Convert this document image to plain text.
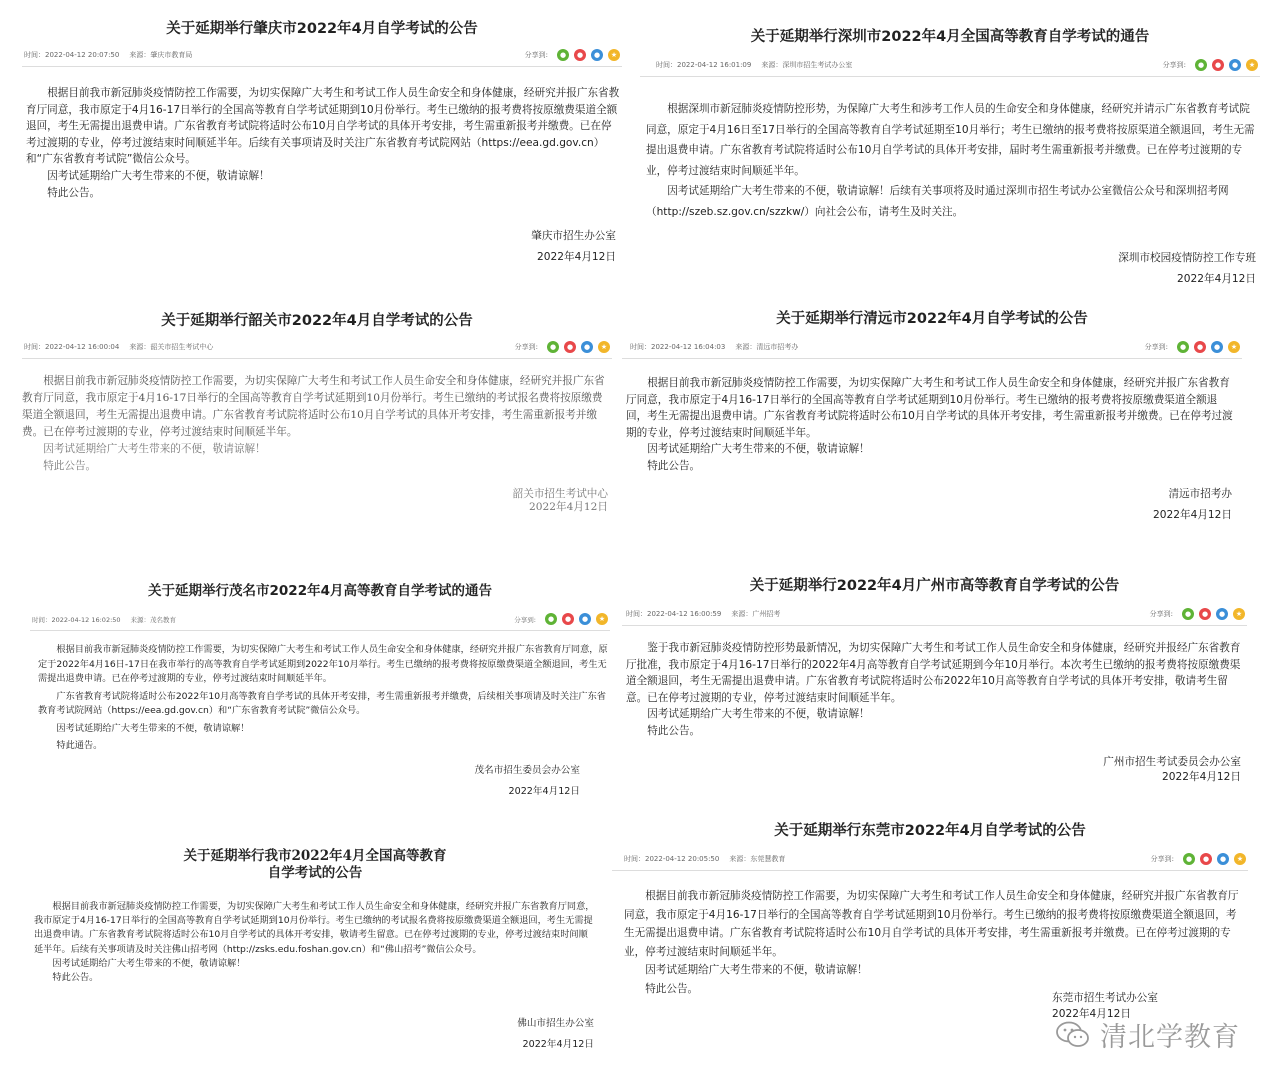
关于延期举行肇庆市2022年4月自学考试的公告
时间：2022-04-12 20:07:50 来源：肇庆市教育局	分享到:	●	●	●	★

根据目前我市新冠肺炎疫情防控工作需要，为切实保障广大考生和考试工作人员生命安全和身体健康，经研究并报广东省教育厅同意，我市原定于4月16-17日举行的全国高等教育自学考试延期到10月份举行。考生已缴纳的报考费将按原缴费渠道全额退回，考生无需提出退费申请。广东省教育考试院将适时公布10月自学考试的具体开考安排，考生需重新报考并缴费。已在停考过渡期的专业，停考过渡结束时间顺延半年。后续有关事项请及时关注广东省教育考试院网站（https://eea.gd.gov.cn）和“广东省教育考试院”微信公众号。

因考试延期给广大考生带来的不便，敬请谅解！

特此公告。

肇庆市招生办公室
2022年4月12日
关于延期举行深圳市2022年4月全国高等教育自学考试的通告
时间：2022-04-12 16:01:09 来源：深圳市招生考试办公室	分享到:	●	●	●	★

根据深圳市新冠肺炎疫情防控形势，为保障广大考生和涉考工作人员的生命安全和身体健康，经研究并请示广东省教育考试院同意，原定于4月16日至17日举行的全国高等教育自学考试延期至10月举行；考生已缴纳的报考费将按原渠道全额退回，考生无需提出退费申请。广东省教育考试院将适时公布10月自学考试的具体开考安排，届时考生需重新报考并缴费。已在停考过渡期的专业，停考过渡结束时间顺延半年。

因考试延期给广大考生带来的不便，敬请谅解！后续有关事项将及时通过深圳市招生考试办公室微信公众号和深圳招考网（http://szeb.sz.gov.cn/szzkw/）向社会公布，请考生及时关注。

深圳市校园疫情防控工作专班
2022年4月12日
关于延期举行韶关市2022年4月自学考试的公告
时间：2022-04-12 16:00:04 来源：韶关市招生考试中心	分享到:	●	●	●	★

根据目前我市新冠肺炎疫情防控工作需要，为切实保障广大考生和考试工作人员生命安全和身体健康，经研究并报广东省教育厅同意，我市原定于4月16-17日举行的全国高等教育自学考试延期到10月份举行。考生已缴纳的考试报名费将按原缴费渠道全额退回，考生无需提出退费申请。广东省教育考试院将适时公布10月自学考试的具体开考安排，考生需重新报考并缴费。已在停考过渡期的专业，停考过渡结束时间顺延半年。

因考试延期给广大考生带来的不便，敬请谅解！

特此公告。

韶关市招生考试中心
2022年4月12日
关于延期举行清远市2022年4月自学考试的公告
时间：2022-04-12 16:04:03 来源：清远市招考办	分享到:	●	●	●	★

根据目前我市新冠肺炎疫情防控工作需要，为切实保障广大考生和考试工作人员生命安全和身体健康，经研究并报广东省教育厅同意，我市原定于4月16-17日举行的全国高等教育自学考试延期到10月份举行。考生已缴纳的报考费将按原缴费渠道全额退回，考生无需提出退费申请。广东省教育考试院将适时公布10月自学考试的具体开考安排，考生需重新报考并缴费。已在停考过渡期的专业，停考过渡结束时间顺延半年。

因考试延期给广大考生带来的不便，敬请谅解！

特此公告。

清远市招考办
2022年4月12日
关于延期举行茂名市2022年4月高等教育自学考试的通告
时间：2022-04-12 16:02:50 来源：茂名教育	分享到:	●	●	●	★

根据目前我市新冠肺炎疫情防控工作需要，为切实保障广大考生和考试工作人员生命安全和身体健康，经研究并报广东省教育厅同意，原定于2022年4月16日-17日在我市举行的高等教育自学考试延期到2022年10月举行。考生已缴纳的报考费将按原缴费渠道全额退回，考生无需提出退费申请。已在停考过渡期的专业，停考过渡结束时间顺延半年。

广东省教育考试院将适时公布2022年10月高等教育自学考试的具体开考安排，考生需重新报考并缴费，后续相关事项请及时关注广东省教育考试院网站（https://eea.gd.gov.cn）和“广东省教育考试院”微信公众号。

因考试延期给广大考生带来的不便，敬请谅解！

特此通告。

茂名市招生委员会办公室
2022年4月12日
关于延期举行2022年4月广州市高等教育自学考试的公告
时间：2022-04-12 16:00:59 来源：广州招考	分享到:	●	●	●	★

鉴于我市新冠肺炎疫情防控形势最新情况，为切实保障广大考生和考试工作人员生命安全和身体健康，经研究并报经广东省教育厅批准，我市原定于4月16-17日举行的2022年4月高等教育自学考试延期到今年10月举行。本次考生已缴纳的报考费将按原缴费渠道全额退回，考生无需提出退费申请。广东省教育考试院将适时公布2022年10月高等教育自学考试的具体开考安排，敬请考生留意。已在停考过渡期的专业，停考过渡结束时间顺延半年。

因考试延期给广大考生带来的不便，敬请谅解！

特此公告。

广州市招生考试委员会办公室
2022年4月12日
关于延期举行我市2022年4月全国高等教育
自学考试的公告

根据目前我市新冠肺炎疫情防控工作需要，为切实保障广大考生和考试工作人员生命安全和身体健康，经研究并报广东省教育厅同意，我市原定于4月16-17日举行的全国高等教育自学考试延期到10月份举行。考生已缴纳的考试报名费将按原缴费渠道全额退回，考生无需提出退费申请。广东省教育考试院将适时公布10月自学考试的具体开考安排，敬请考生留意。已在停考过渡期的专业，停考过渡结束时间顺延半年。后续有关事项请及时关注佛山招考网（http://zsks.edu.foshan.gov.cn）和“佛山招考”微信公众号。

因考试延期给广大考生带来的不便，敬请谅解！

特此公告。

佛山市招生办公室
2022年4月12日
关于延期举行东莞市2022年4月自学考试的公告
时间：2022-04-12 20:05:50 来源：东莞慧教育	分享到:	●	●	●	★

根据目前我市新冠肺炎疫情防控工作需要，为切实保障广大考生和考试工作人员生命安全和身体健康，经研究并报广东省教育厅同意，我市原定于4月16-17日举行的全国高等教育自学考试延期到10月份举行。考生已缴纳的报考费将按原缴费渠道全额退回，考生无需提出退费申请。广东省教育考试院将适时公布10月自学考试的具体开考安排，考生需重新报考并缴费。已在停考过渡期的专业，停考过渡结束时间顺延半年。

因考试延期给广大考生带来的不便，敬请谅解！

特此公告。

东莞市招生考试办公室
2022年4月12日
清北学教育
